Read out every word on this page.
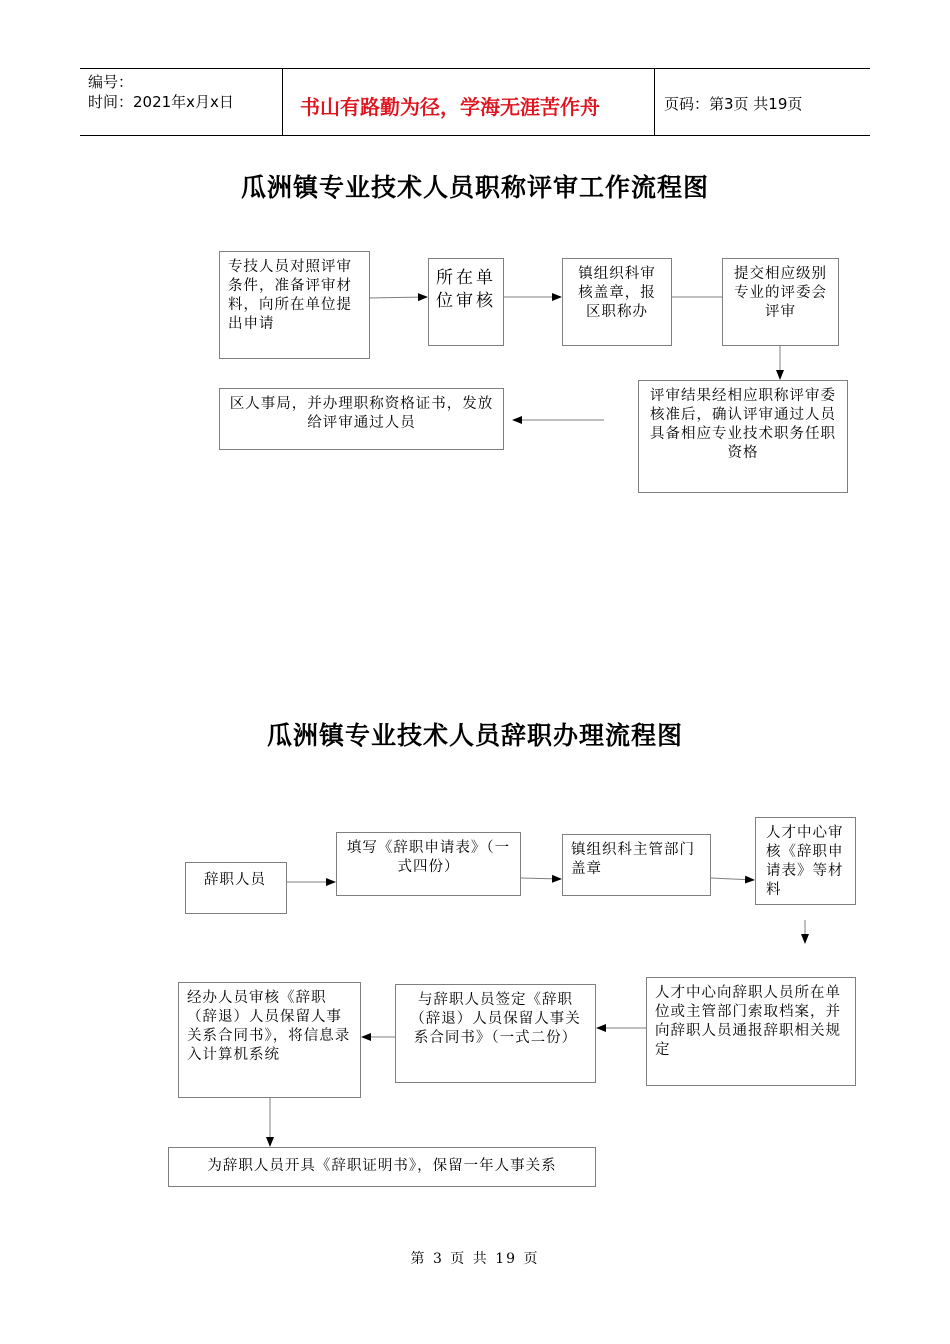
编号：
时间：2021年x月x日	书山有路勤为径，学海无涯苦作舟	页码：第3页 共19页
瓜洲镇专业技术人员职称评审工作流程图
专技人员对照评审条件，准备评审材料，向所在单位提出申请
所在单位审核
镇组织科审核盖章，报区职称办
提交相应级别专业的评委会评审
评审结果经相应职称评审委核准后，确认评审通过人员具备相应专业技术职务任职资格
区人事局，并办理职称资格证书，发放给评审通过人员
瓜洲镇专业技术人员辞职办理流程图
辞职人员
填写《辞职申请表》（一式四份）
镇组织科主管部门盖章
人才中心审核《辞职申请表》等材料
人才中心向辞职人员所在单位或主管部门索取档案，并向辞职人员通报辞职相关规定
与辞职人员签定《辞职（辞退）人员保留人事关系合同书》（一式二份）
经办人员审核《辞职（辞退）人员保留人事关系合同书》，将信息录入计算机系统
为辞职人员开具《辞职证明书》，保留一年人事关系
第 3 页 共 19 页
